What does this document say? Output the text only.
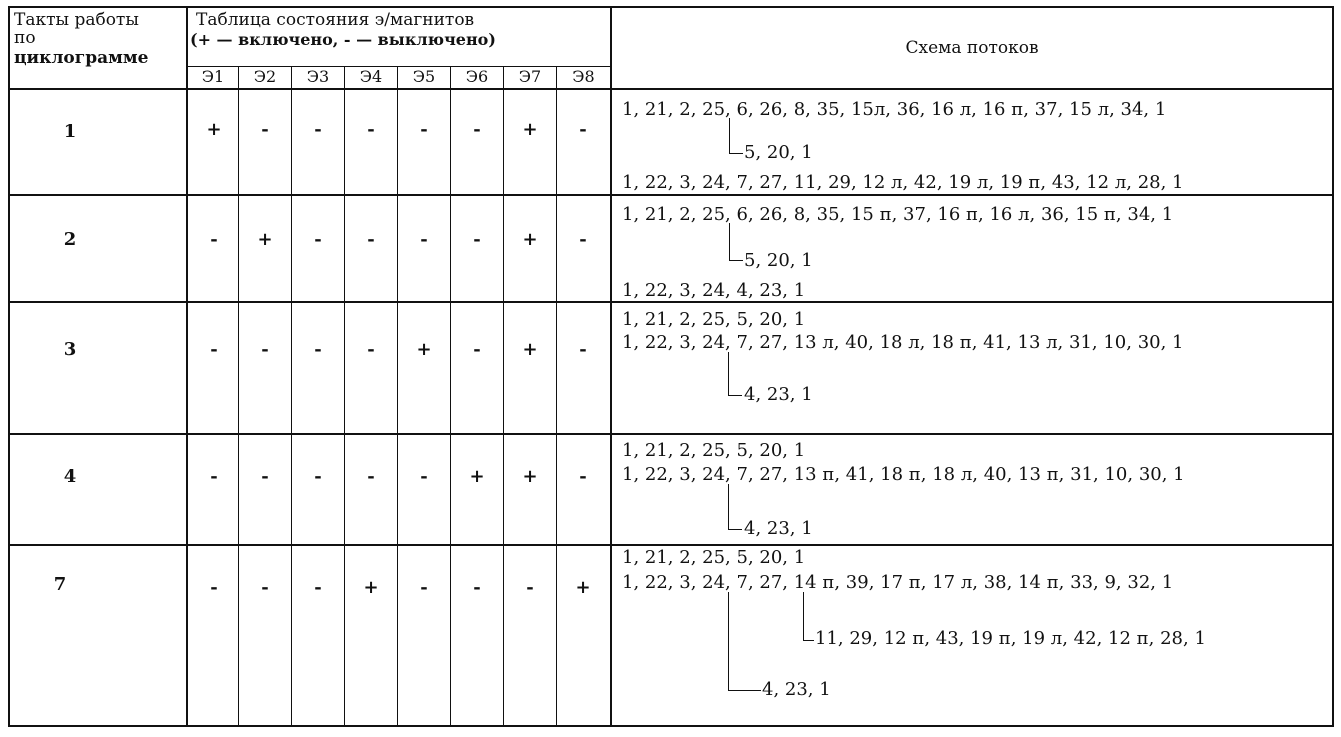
Такты работы
по
циклограмме
Таблица состояния э/магнитов
(+ — включено, - — выключено)
Э1	Э2	Э3	Э4	Э5	Э6	Э7	Э8
Схема потоков
1	+	-	-	-	-	-	+	-
1, 21, 2, 25, 6, 26, 8, 35, 15л, 36, 16 л, 16 п, 37, 15 л, 34, 1
5, 20, 1
1, 22, 3, 24, 7, 27, 11, 29, 12 л, 42, 19 л, 19 п, 43, 12 л, 28, 1
2	-	+	-	-	-	-	+	-
1, 21, 2, 25, 6, 26, 8, 35, 15 п, 37, 16 п, 16 л, 36, 15 п, 34, 1
5, 20, 1
1, 22, 3, 24, 4, 23, 1
3	-	-	-	-	+	-	+	-
1, 21, 2, 25, 5, 20, 1
1, 22, 3, 24, 7, 27, 13 л, 40, 18 л, 18 п, 41, 13 л, 31, 10, 30, 1
4, 23, 1
4	-	-	-	-	-	+	+	-
1, 21, 2, 25, 5, 20, 1
1, 22, 3, 24, 7, 27, 13 п, 41, 18 п, 18 л, 40, 13 п, 31, 10, 30, 1
4, 23, 1
7	-	-	-	+	-	-	-	+
1, 21, 2, 25, 5, 20, 1
1, 22, 3, 24, 7, 27, 14 п, 39, 17 п, 17 л, 38, 14 п, 33, 9, 32, 1
11, 29, 12 п, 43, 19 п, 19 л, 42, 12 п, 28, 1
4, 23, 1
